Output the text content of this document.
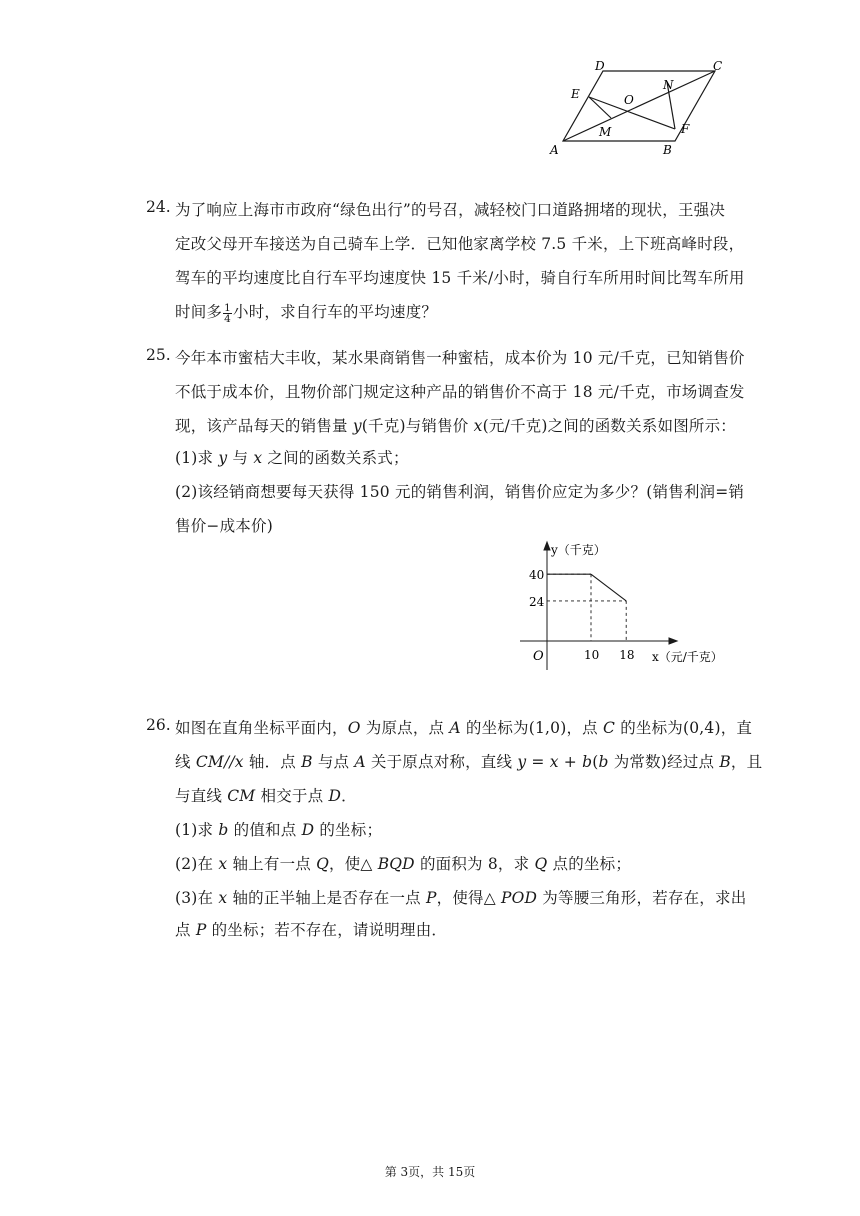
D	C
E	O
N
M	F
A	B
24. 为了响应上海市市政府“绿色出行”的号召，减轻校门口道路拥堵的现状，王强决
定改父母开车接送为自己骑车上学．已知他家离学校 7.5 千米，上下班高峰时段，
驾车的平均速度比自行车平均速度快 15 千米/小时，骑自行车所用时间比驾车所用
时间多 $\frac{1}{4}$ 小时，求自行车的平均速度？
25. 今年本市蜜桔大丰收，某水果商销售一种蜜桔，成本价为 10 元/千克，已知销售价
不低于成本价，且物价部门规定这种产品的销售价不高于 18 元/千克，市场调查发
现，该产品每天的销售量 y(千克)与销售价 x(元/千克)之间的函数关系如图所示：
(1)求 y 与 x 之间的函数关系式；
(2)该经销商想要每天获得 150 元的销售利润，销售价应定为多少？(销售利润=销
售价−成本价)
y（千克）
x（元/千克）
O	10 18
40
24
26. 如图在直角坐标平面内，O 为原点，点 A 的坐标为(1,0)，点 C 的坐标为(0,4)，直
线 CM//x 轴．点 B 与点 A 关于原点对称，直线 y = x + b(b 为常数)经过点 B，且
与直线 CM 相交于点 D．
(1)求 b 的值和点 D 的坐标；
(2)在 x 轴上有一点 Q，使△ BQD 的面积为 8，求 Q 点的坐标；
(3)在 x 轴的正半轴上是否存在一点 P，使得△ POD 为等腰三角形，若存在，求出
点 P 的坐标；若不存在，请说明理由．
第 3页，共 15页
